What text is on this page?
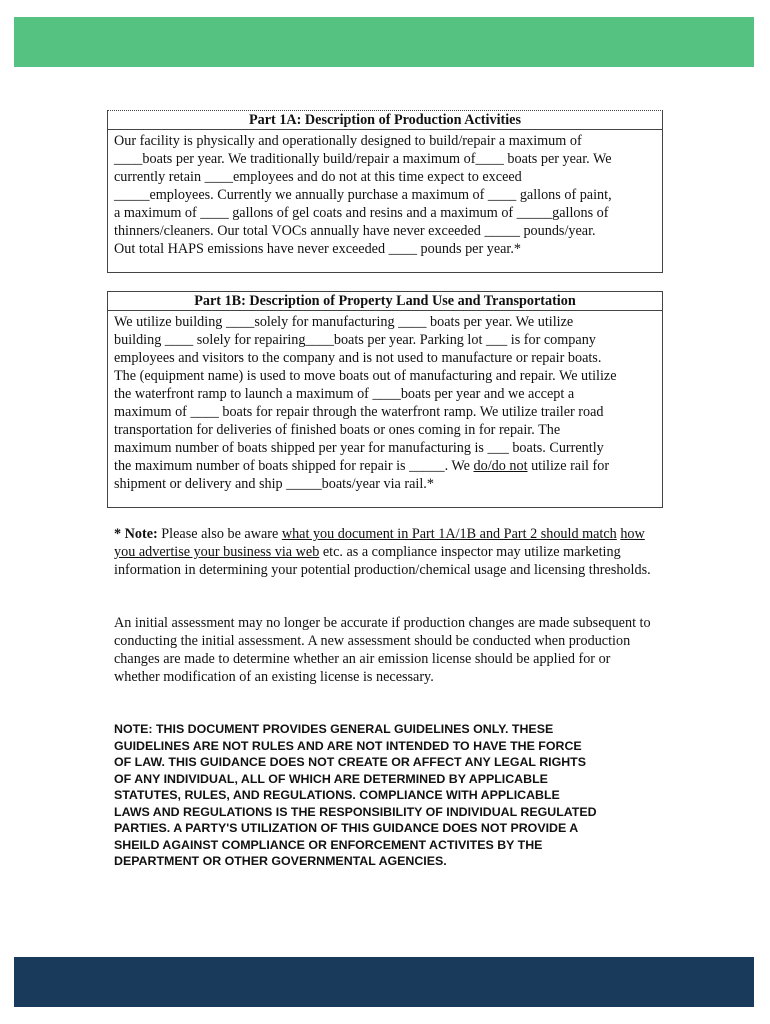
Part 1A: Description of Production Activities
Our facility is physically and operationally designed to build/repair a maximum of
____boats per year. We traditionally build/repair a maximum of____ boats per year. We
currently retain ____employees and do not at this time expect to exceed
_____employees. Currently we annually purchase a maximum of ____ gallons of paint,
a maximum of ____ gallons of gel coats and resins and a maximum of _____gallons of
thinners/cleaners. Our total VOCs annually have never exceeded _____ pounds/year.
Out total HAPS emissions have never exceeded ____ pounds per year.*
Part 1B: Description of Property Land Use and Transportation
We utilize building ____solely for manufacturing ____ boats per year. We utilize
building ____ solely for repairing____boats per year. Parking lot ___ is for company
employees and visitors to the company and is not used to manufacture or repair boats.
The (equipment name) is used to move boats out of manufacturing and repair. We utilize
the waterfront ramp to launch a maximum of ____boats per year and we accept a
maximum of ____ boats for repair through the waterfront ramp. We utilize trailer road
transportation for deliveries of finished boats or ones coming in for repair. The
maximum number of boats shipped per year for manufacturing is ___ boats. Currently
the maximum number of boats shipped for repair is _____. We do/do not utilize rail for
shipment or delivery and ship _____boats/year via rail.*
* Note: Please also be aware what you document in Part 1A/1B and Part 2 should match how you advertise your business via web etc. as a compliance inspector may utilize marketing information in determining your potential production/chemical usage and licensing thresholds.
An initial assessment may no longer be accurate if production changes are made subsequent to conducting the initial assessment. A new assessment should be conducted when production changes are made to determine whether an air emission license should be applied for or whether modification of an existing license is necessary.
NOTE: THIS DOCUMENT PROVIDES GENERAL GUIDELINES ONLY. THESE
GUIDELINES ARE NOT RULES AND ARE NOT INTENDED TO HAVE THE FORCE
OF LAW. THIS GUIDANCE DOES NOT CREATE OR AFFECT ANY LEGAL RIGHTS
OF ANY INDIVIDUAL, ALL OF WHICH ARE DETERMINED BY APPLICABLE
STATUTES, RULES, AND REGULATIONS. COMPLIANCE WITH APPLICABLE
LAWS AND REGULATIONS IS THE RESPONSIBILITY OF INDIVIDUAL REGULATED
PARTIES. A PARTY'S UTILIZATION OF THIS GUIDANCE DOES NOT PROVIDE A
SHEILD AGAINST COMPLIANCE OR ENFORCEMENT ACTIVITES BY THE
DEPARTMENT OR OTHER GOVERNMENTAL AGENCIES.
